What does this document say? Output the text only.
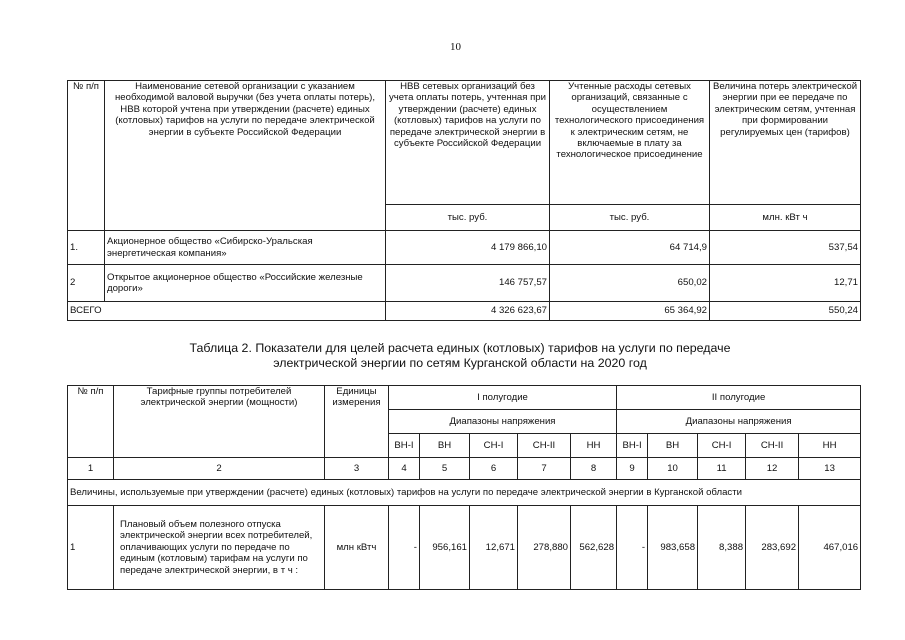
10
№ п/п	Наименование сетевой организации с указанием необходимой валовой выручки (без учета оплаты потерь), НВВ которой учтена при утверждении (расчете) единых (котловых) тарифов на услуги по передаче электрической энергии в субъекте Российской Федерации	НВВ сетевых организаций без учета оплаты потерь, учтенная при утверждении (расчете) единых (котловых) тарифов на услуги по передаче электрической энергии в субъекте Российской Федерации	Учтенные расходы сетевых организаций, связанные с осуществлением технологического присоединения к электрическим сетям, не включаемые в плату за технологическое присоединение	Величина потерь электрической энергии при ее передаче по электрическим сетям, учтенная при формировании регулируемых цен (тарифов)
		тыс. руб.	тыс. руб.	млн. кВт ч
1.	Акционерное общество «Сибирско-Уральская энергетическая компания»	4 179 866,10	64 714,9	537,54
2	Открытое акционерное общество «Российские железные дороги»	146 757,57	650,02	12,71
ВСЕГО		4 326 623,67	65 364,92	550,24
Таблица 2. Показатели для целей расчета единых (котловых) тарифов на услуги по передаче
электрической энергии по сетям Курганской области на 2020 год
№ п/п	Тарифные группы потребителей электрической энергии (мощности)	Единицы измерения	I полугодие					II полугодие				
			Диапазоны напряжения					Диапазоны напряжения				
			ВН-І	ВН	СН-І	СН-ІІ	НН	ВН-І	ВН	СН-І	СН-ІІ	НН
1	2	3	4	5	6	7	8	9	10	11	12	13
Величины, используемые при утверждении (расчете) единых (котловых) тарифов на услуги по передаче электрической энергии в Курганской области												
1	Плановый объем полезного отпуска электрической энергии всех потребителей, оплачивающих услуги по передаче по единым (котловым) тарифам на услуги по передаче электрической энергии, в т ч :	млн кВтч	-	956,161	12,671	278,880	562,628	-	983,658	8,388	283,692	467,016
